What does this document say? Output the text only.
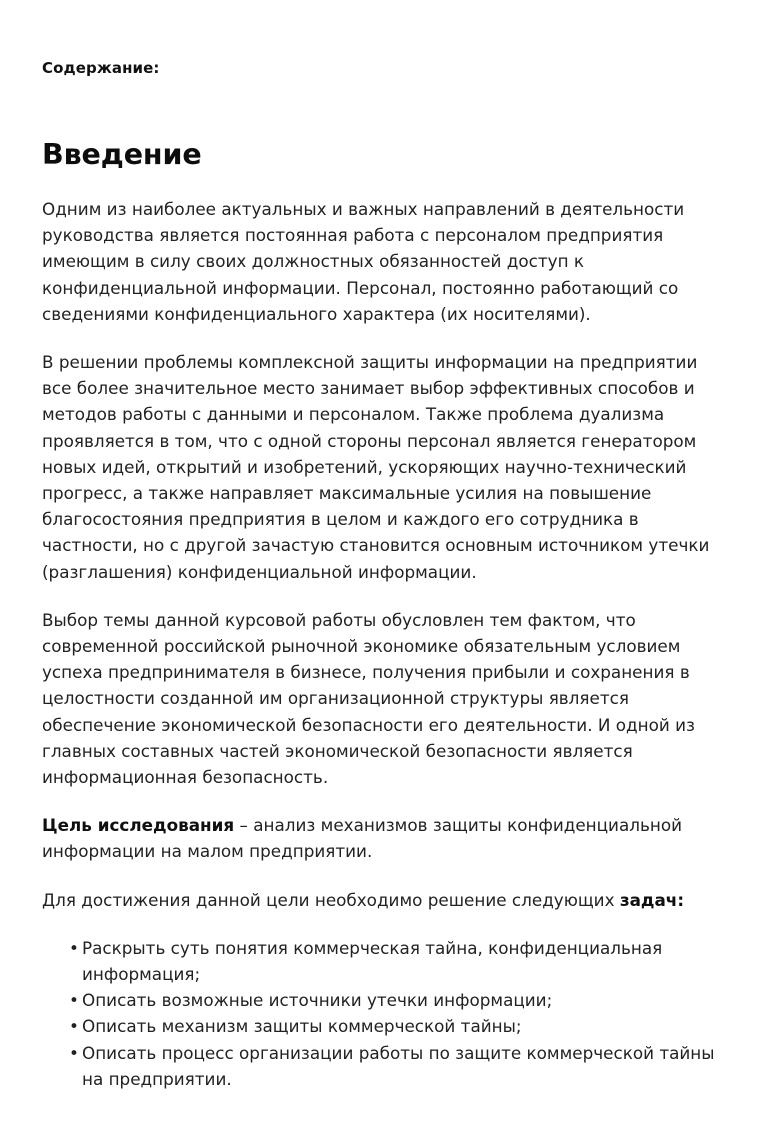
Содержание:
Введение

Одним из наиболее актуальных и важных направлений в деятельности руководства является постоянная работа с персоналом предприятия имеющим в силу своих должностных обязанностей доступ к конфиденциальной информации. Персонал, постоянно работающий со сведениями конфиденциального характера (их носителями).

В решении проблемы комплексной защиты информации на предприятии все более значительное место занимает выбор эффективных способов и методов работы с данными и персоналом. Также проблема дуализма проявляется в том, что с одной стороны персонал является генератором новых идей, открытий и изобретений, ускоряющих научно-технический прогресс, а также направляет максимальные усилия на повышение благосостояния предприятия в целом и каждого его сотрудника в частности, но с другой зачастую становится основным источником утечки (разглашения) конфиденциальной информации.

Выбор темы данной курсовой работы обусловлен тем фактом, что современной российской рыночной экономике обязательным условием успеха предпринимателя в бизнесе, получения прибыли и сохранения в целостности созданной им организационной структуры является обеспечение экономической безопасности его деятельности. И одной из главных составных частей экономической безопасности является информационная безопасность.

Цель исследования – анализ механизмов защиты конфиденциальной информации на малом предприятии.

Для достижения данной цели необходимо решение следующих задач:

• Раскрыть суть понятия коммерческая тайна, конфиденциальная информация;
• Описать возможные источники утечки информации;
• Описать механизм защиты коммерческой тайны;
• Описать процесс организации работы по защите коммерческой тайны на предприятии.
